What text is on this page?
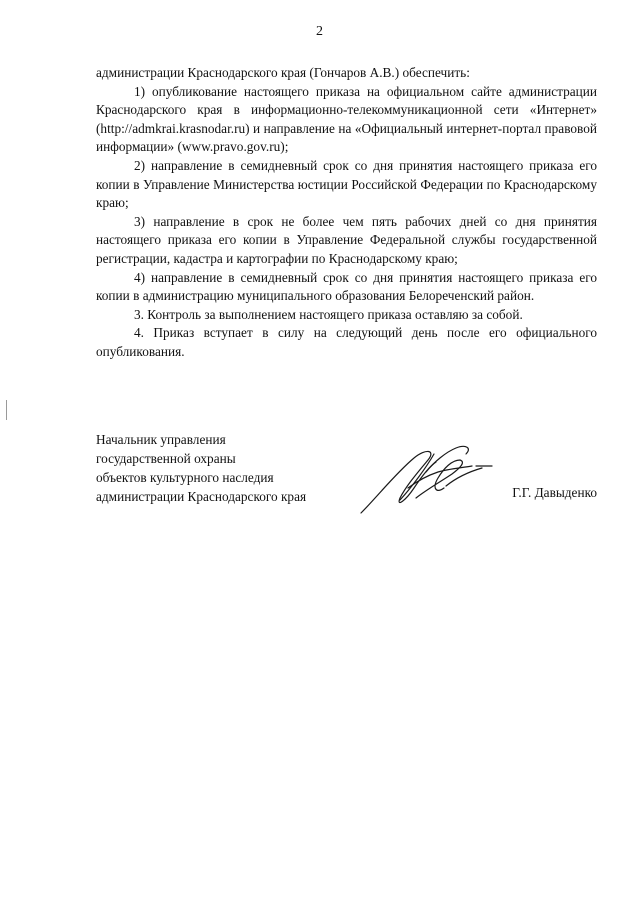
2

администрации Краснодарского края (Гончаров А.В.) обеспечить:

1) опубликование настоящего приказа на официальном сайте администрации Краснодарского края в информационно-телекоммуникационной сети «Интернет» (http://admkrai.krasnodar.ru) и направление на «Официальный интернет-портал правовой информации» (www.pravo.gov.ru);

2) направление в семидневный срок со дня принятия настоящего приказа его копии в Управление Министерства юстиции Российской Федерации по Краснодарскому краю;

3) направление в срок не более чем пять рабочих дней со дня принятия настоящего приказа его копии в Управление Федеральной службы государственной регистрации, кадастра и картографии по Краснодарскому краю;

4) направление в семидневный срок со дня принятия настоящего приказа его копии в администрацию муниципального образования Белореченский район.

3. Контроль за выполнением настоящего приказа оставляю за собой.

4. Приказ вступает в силу на следующий день после его официального опубликования.

Начальник управления
государственной охраны
объектов культурного наследия
администрации Краснодарского края	Г.Г. Давыденко
